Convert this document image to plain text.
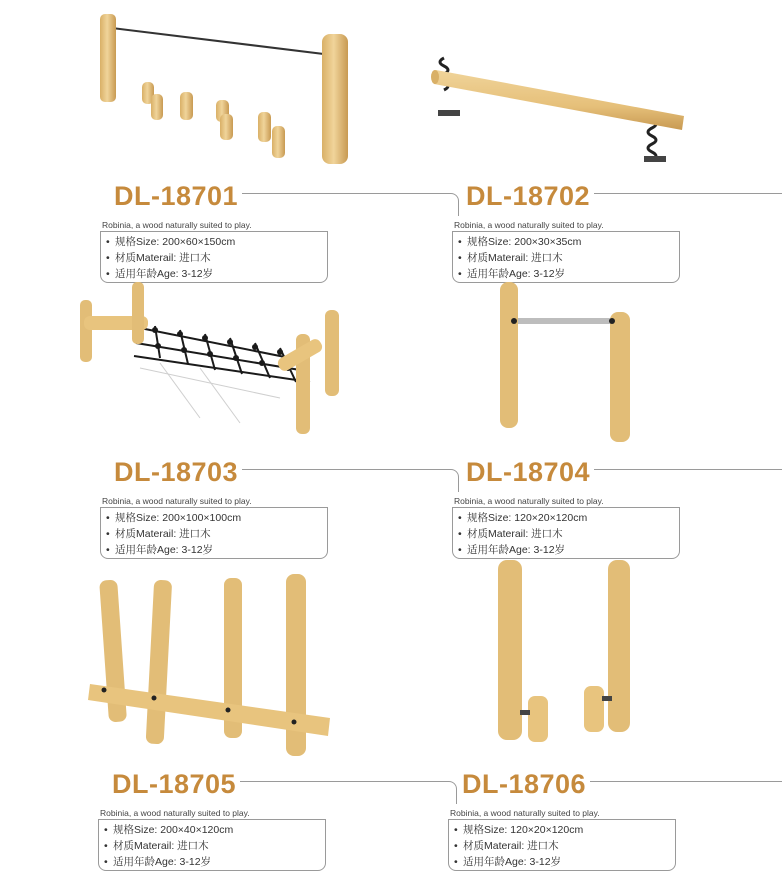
DL-18701
Robinia, a wood naturally suited to play.
• 规格Size: 200×60×150cm
• 材质Materail: 进口木
• 适用年龄Age: 3-12岁
DL-18702
Robinia, a wood naturally suited to play.
• 规格Size: 200×30×35cm
• 材质Materail: 进口木
• 适用年龄Age: 3-12岁
DL-18703
Robinia, a wood naturally suited to play.
• 规格Size: 200×100×100cm
• 材质Materail: 进口木
• 适用年龄Age: 3-12岁
DL-18704
Robinia, a wood naturally suited to play.
• 规格Size: 120×20×120cm
• 材质Materail: 进口木
• 适用年龄Age: 3-12岁
DL-18705
Robinia, a wood naturally suited to play.
• 规格Size: 200×40×120cm
• 材质Materail: 进口木
• 适用年龄Age: 3-12岁
DL-18706
Robinia, a wood naturally suited to play.
• 规格Size: 120×20×120cm
• 材质Materail: 进口木
• 适用年龄Age: 3-12岁
